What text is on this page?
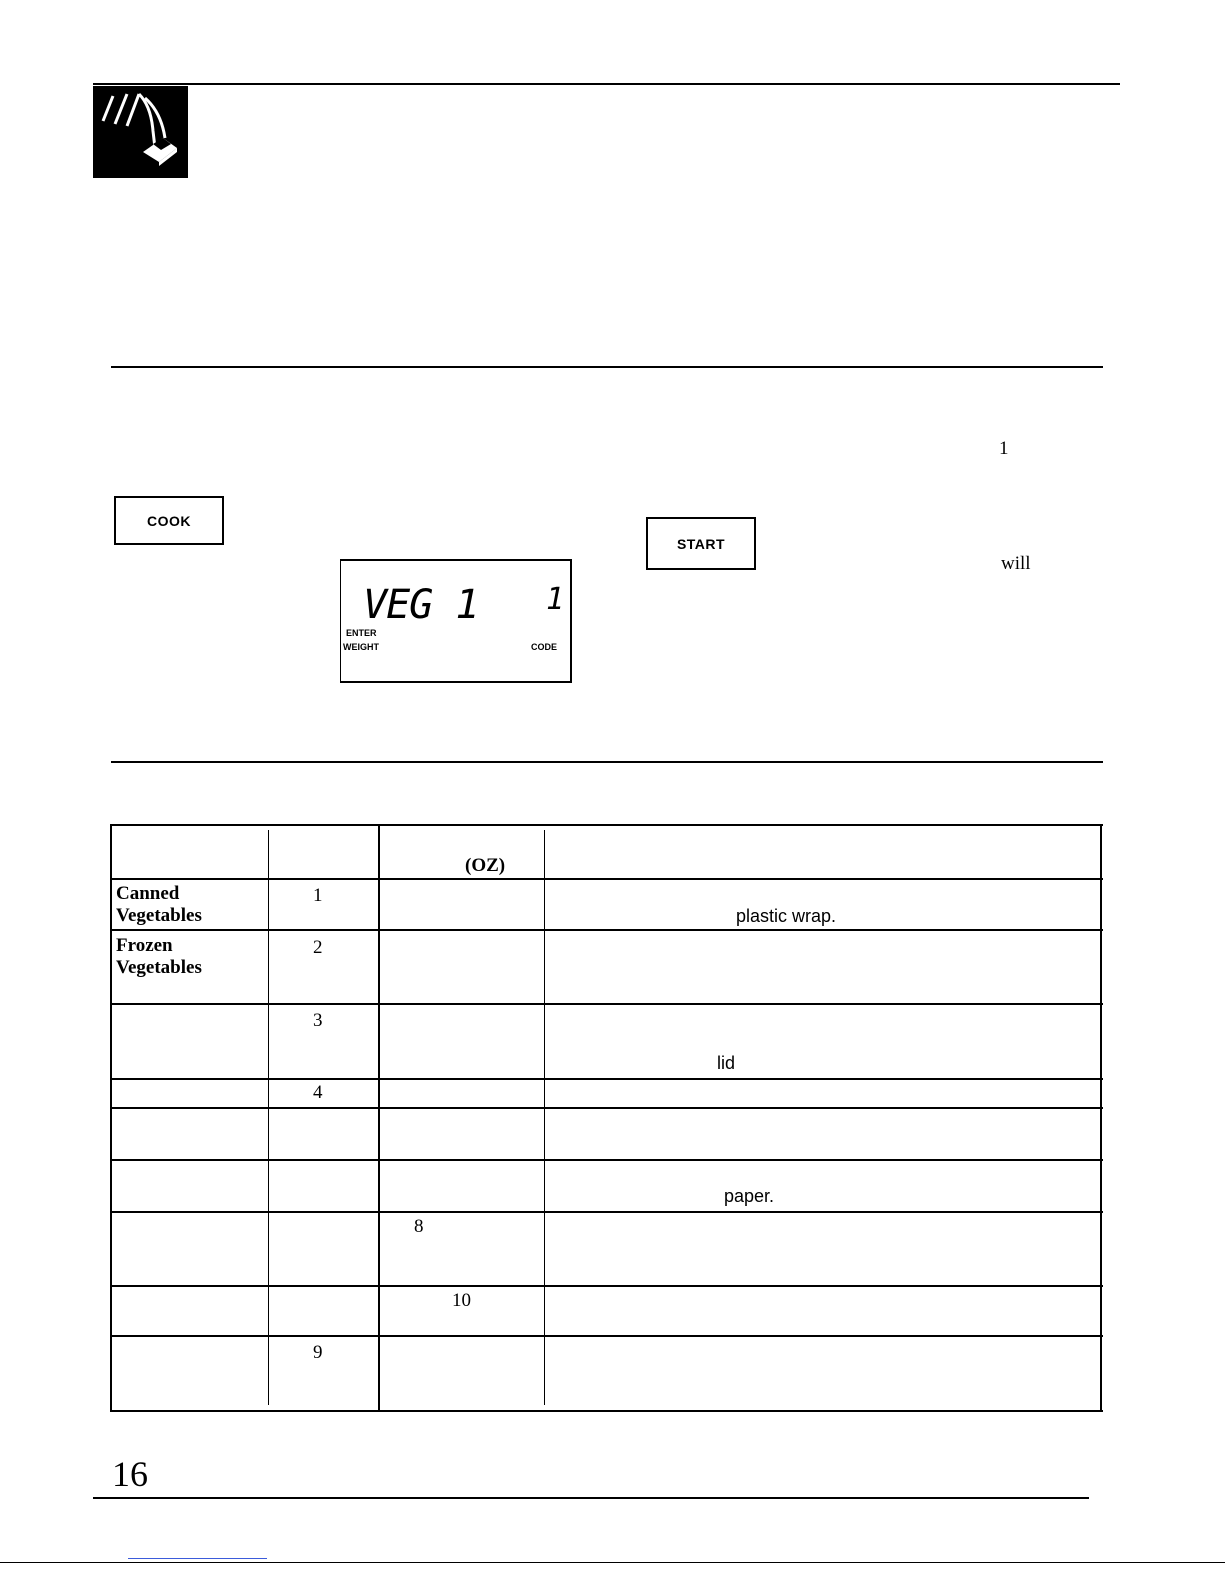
1
will
COOK
START
VEG 1 1
ENTER
WEIGHT	CODE
(OZ)
Canned
Vegetables
1
plastic wrap.
Frozen
Vegetables
2
3
lid
4
paper.
8
10
9
16
